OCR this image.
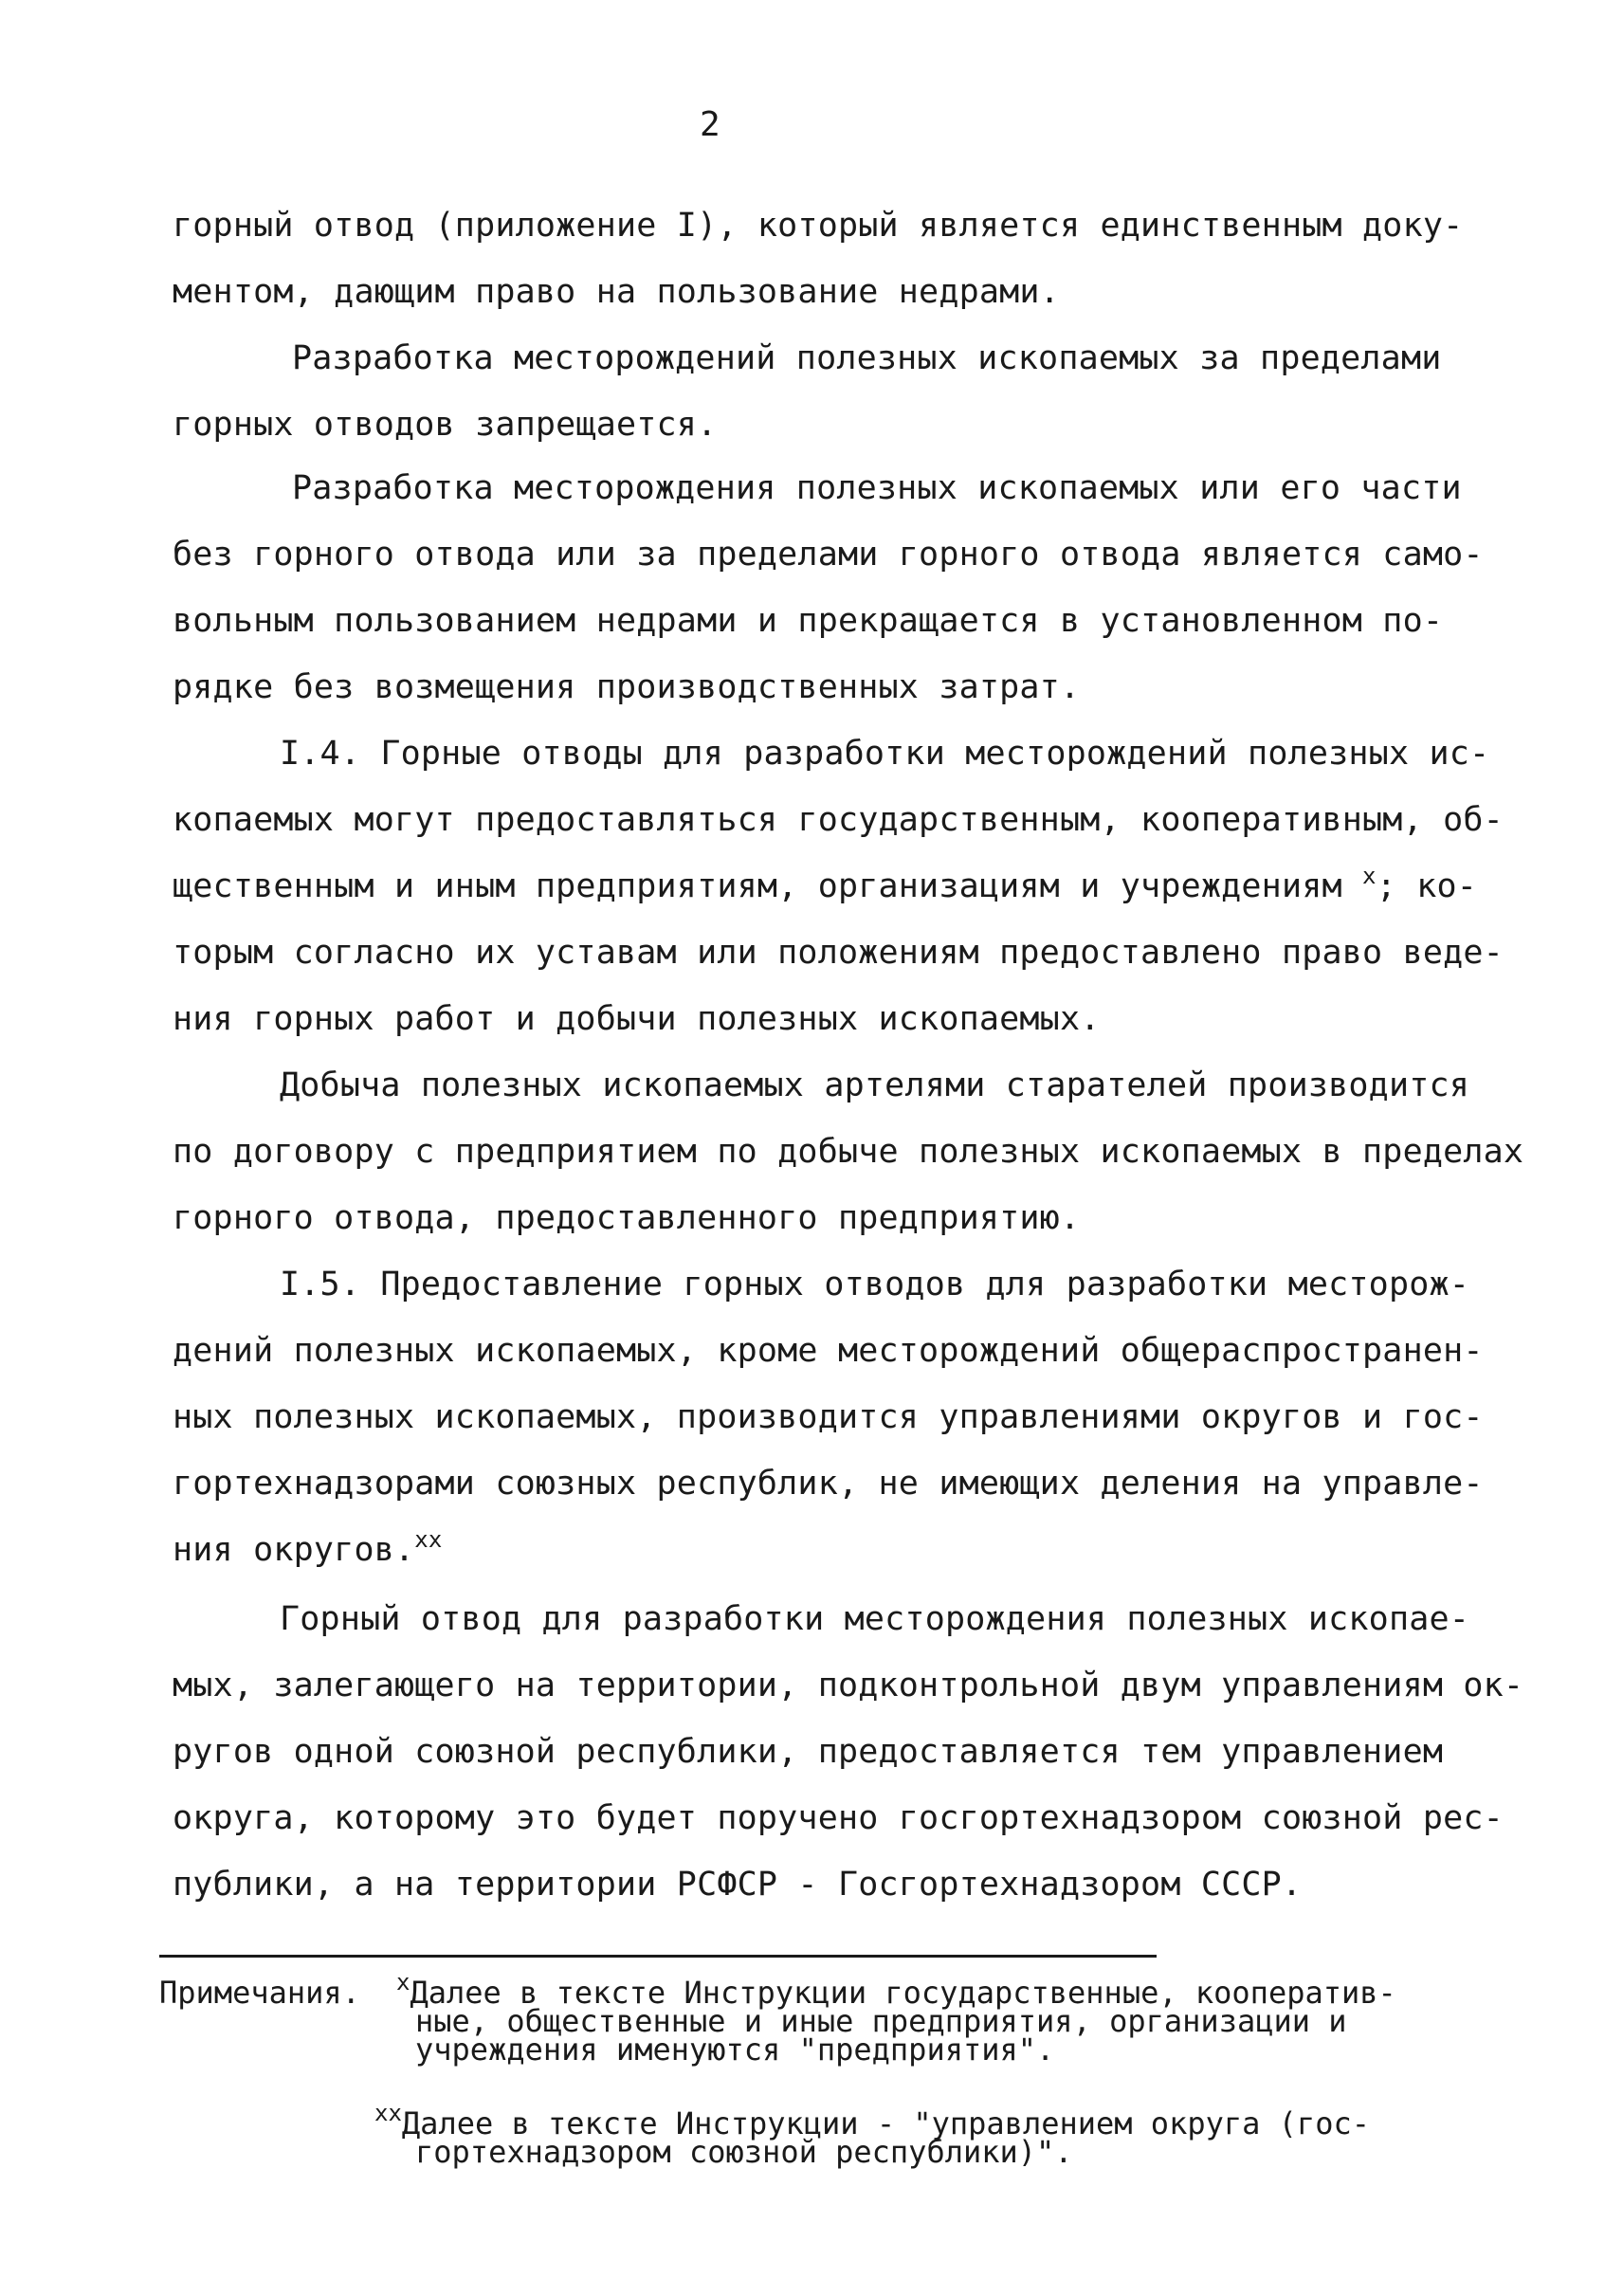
2
горный отвод (приложение I), который является единственным доку-
ментом, дающим право на пользование недрами.
Разработка месторождений полезных ископаемых за пределами
горных отводов запрещается.
Разработка месторождения полезных ископаемых или его части
без горного отвода или за пределами горного отвода является само-
вольным пользованием недрами и прекращается в установленном по-
рядке без возмещения производственных затрат.
I.4. Горные отводы для разработки месторождений полезных ис-
копаемых могут предоставляться государственным, кооперативным, об-
щественным и иным предприятиям, организациям и учреждениям $^х$; ко-
торым согласно их уставам или положениям предоставлено право веде-
ния горных работ и добычи полезных ископаемых.
Добыча полезных ископаемых артелями старателей производится
по договору с предприятием по добыче полезных ископаемых в пределах
горного отвода, предоставленного предприятию.
I.5. Предоставление горных отводов для разработки месторож-
дений полезных ископаемых, кроме месторождений общераспространен-
ных полезных ископаемых, производится управлениями округов и гос-
гортехнадзорами союзных республик, не имеющих деления на управле-
ния округов.$^{хх}$
Горный отвод для разработки месторождения полезных ископае-
мых, залегающего на территории, подконтрольной двум управлениям ок-
ругов одной союзной республики, предоставляется тем управлением
округа, которому это будет поручено госгортехнадзором союзной рес-
публики, а на территории РСФСР - Госгортехнадзором СССР.
Примечания. $^х$Далее в тексте Инструкции государственные, кооператив-
ные, общественные и иные предприятия, организации и
учреждения именуются "предприятия".
$^{хх}$Далее в тексте Инструкции - "управлением округа (гос-
гортехнадзором союзной республики)".
